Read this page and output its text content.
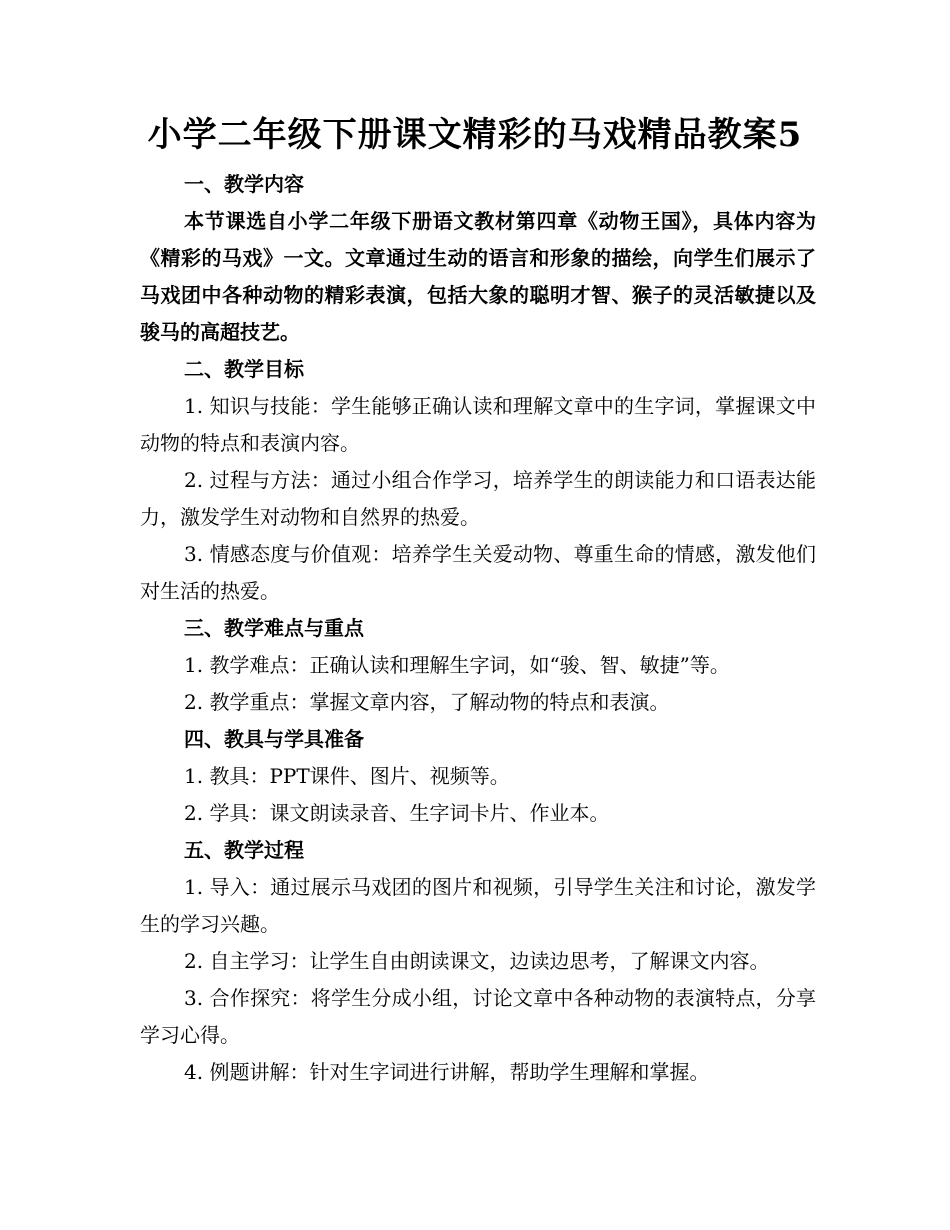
小学二年级下册课文精彩的马戏精品教案5

一、教学内容

本节课选自小学二年级下册语文教材第四章《动物王国》，具体内容为《精彩的马戏》一文。文章通过生动的语言和形象的描绘，向学生们展示了马戏团中各种动物的精彩表演，包括大象的聪明才智、猴子的灵活敏捷以及骏马的高超技艺。

二、教学目标

1. 知识与技能：学生能够正确认读和理解文章中的生字词，掌握课文中动物的特点和表演内容。

2. 过程与方法：通过小组合作学习，培养学生的朗读能力和口语表达能力，激发学生对动物和自然界的热爱。

3. 情感态度与价值观：培养学生关爱动物、尊重生命的情感，激发他们对生活的热爱。

三、教学难点与重点

1. 教学难点：正确认读和理解生字词，如“骏、智、敏捷”等。

2. 教学重点：掌握文章内容，了解动物的特点和表演。

四、教具与学具准备

1. 教具：PPT课件、图片、视频等。

2. 学具：课文朗读录音、生字词卡片、作业本。

五、教学过程

1. 导入：通过展示马戏团的图片和视频，引导学生关注和讨论，激发学生的学习兴趣。

2. 自主学习：让学生自由朗读课文，边读边思考，了解课文内容。

3. 合作探究：将学生分成小组，讨论文章中各种动物的表演特点，分享学习心得。

4. 例题讲解：针对生字词进行讲解，帮助学生理解和掌握。
